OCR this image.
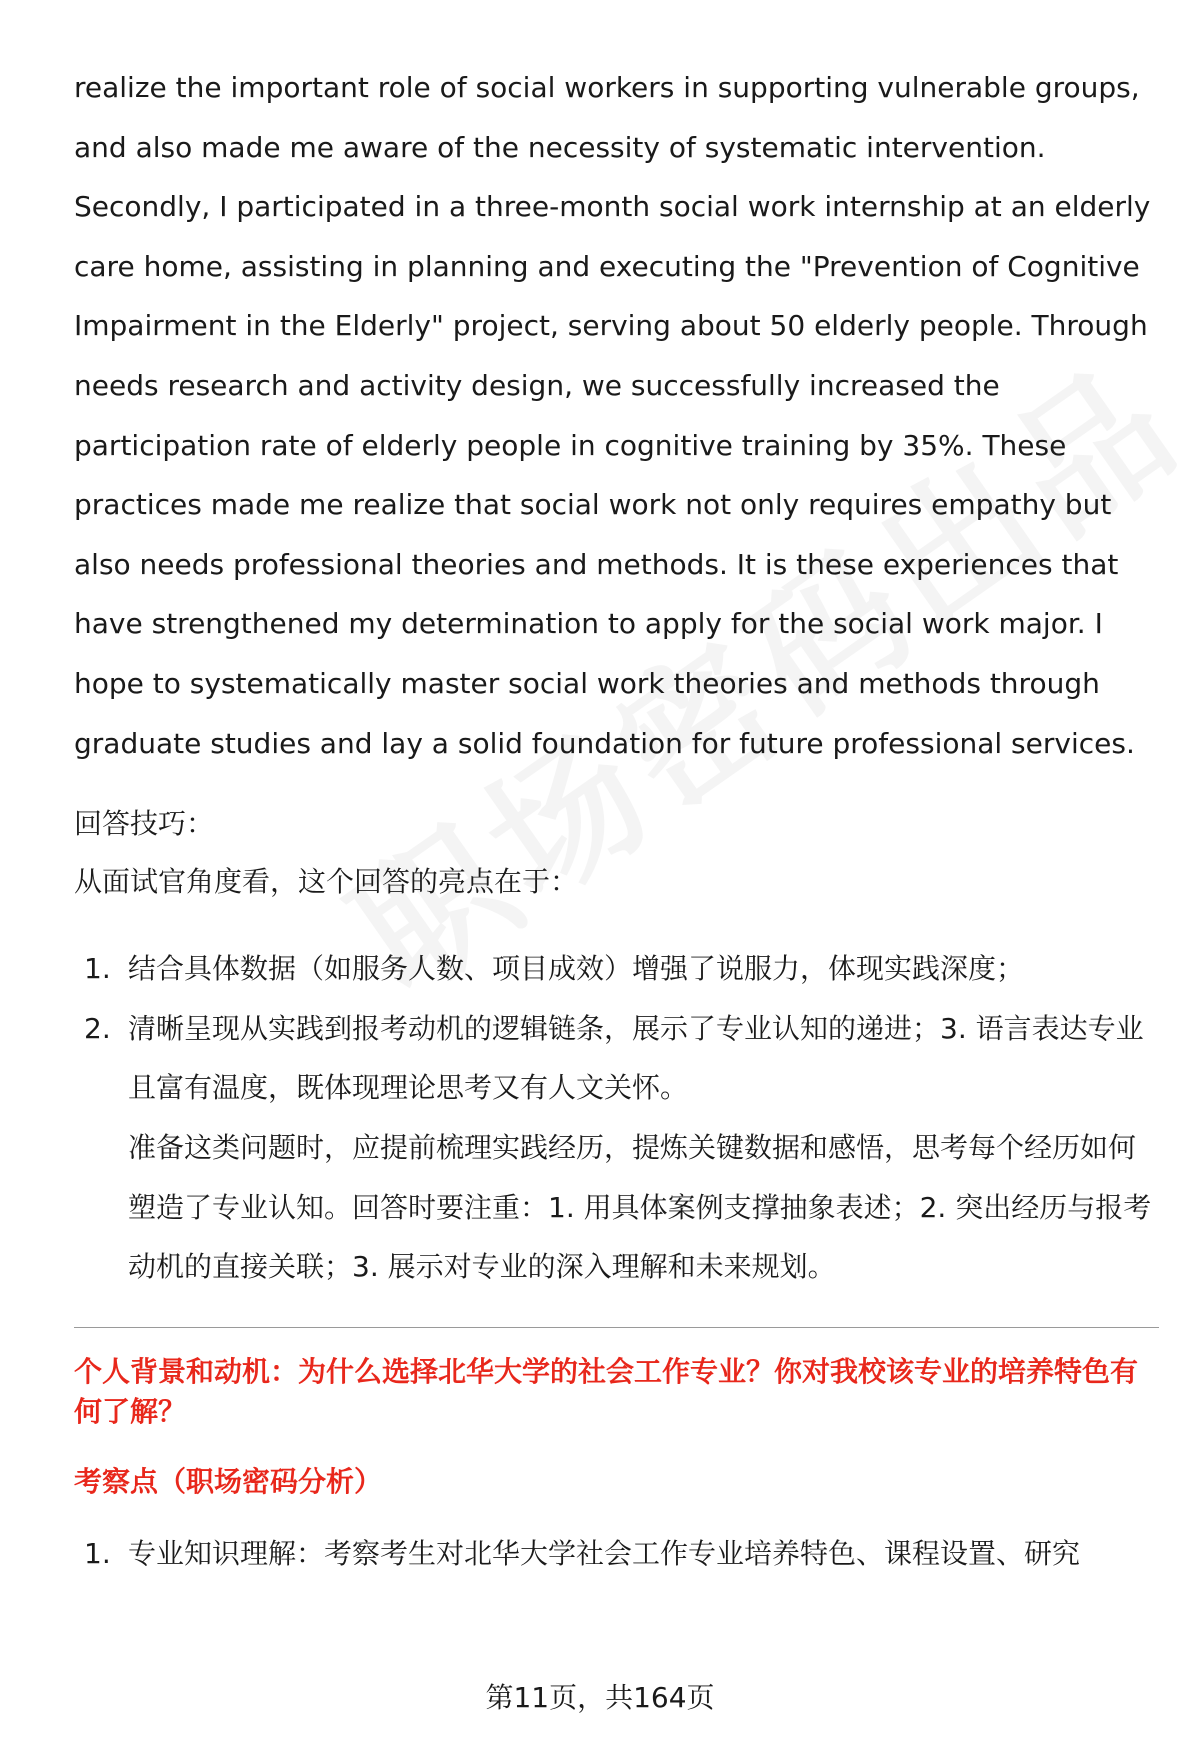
realize the important role of social workers in supporting vulnerable groups, and also made me aware of the necessity of systematic intervention. Secondly, I participated in a three-month social work internship at an elderly care home, assisting in planning and executing the "Prevention of Cognitive Impairment in the Elderly" project, serving about 50 elderly people. Through needs research and activity design, we successfully increased the participation rate of elderly people in cognitive training by 35%. These practices made me realize that social work not only requires empathy but also needs professional theories and methods. It is these experiences that have strengthened my determination to apply for the social work major. I hope to systematically master social work theories and methods through graduate studies and lay a solid foundation for future professional services.

回答技巧：
从面试官角度看，这个回答的亮点在于：
1. 结合具体数据（如服务人数、项目成效）增强了说服力，体现实践深度；
2. 清晰呈现从实践到报考动机的逻辑链条，展示了专业认知的递进；3. 语言表达专业且富有温度，既体现理论思考又有人文关怀。
准备这类问题时，应提前梳理实践经历，提炼关键数据和感悟，思考每个经历如何塑造了专业认知。回答时要注重：1. 用具体案例支撑抽象表述；2. 突出经历与报考动机的直接关联；3. 展示对专业的深入理解和未来规划。
个人背景和动机：为什么选择北华大学的社会工作专业？你对我校该专业的培养特色有何了解？
考察点（职场密码分析）
1. 专业知识理解：考察考生对北华大学社会工作专业培养特色、课程设置、研究
第11页，共164页
